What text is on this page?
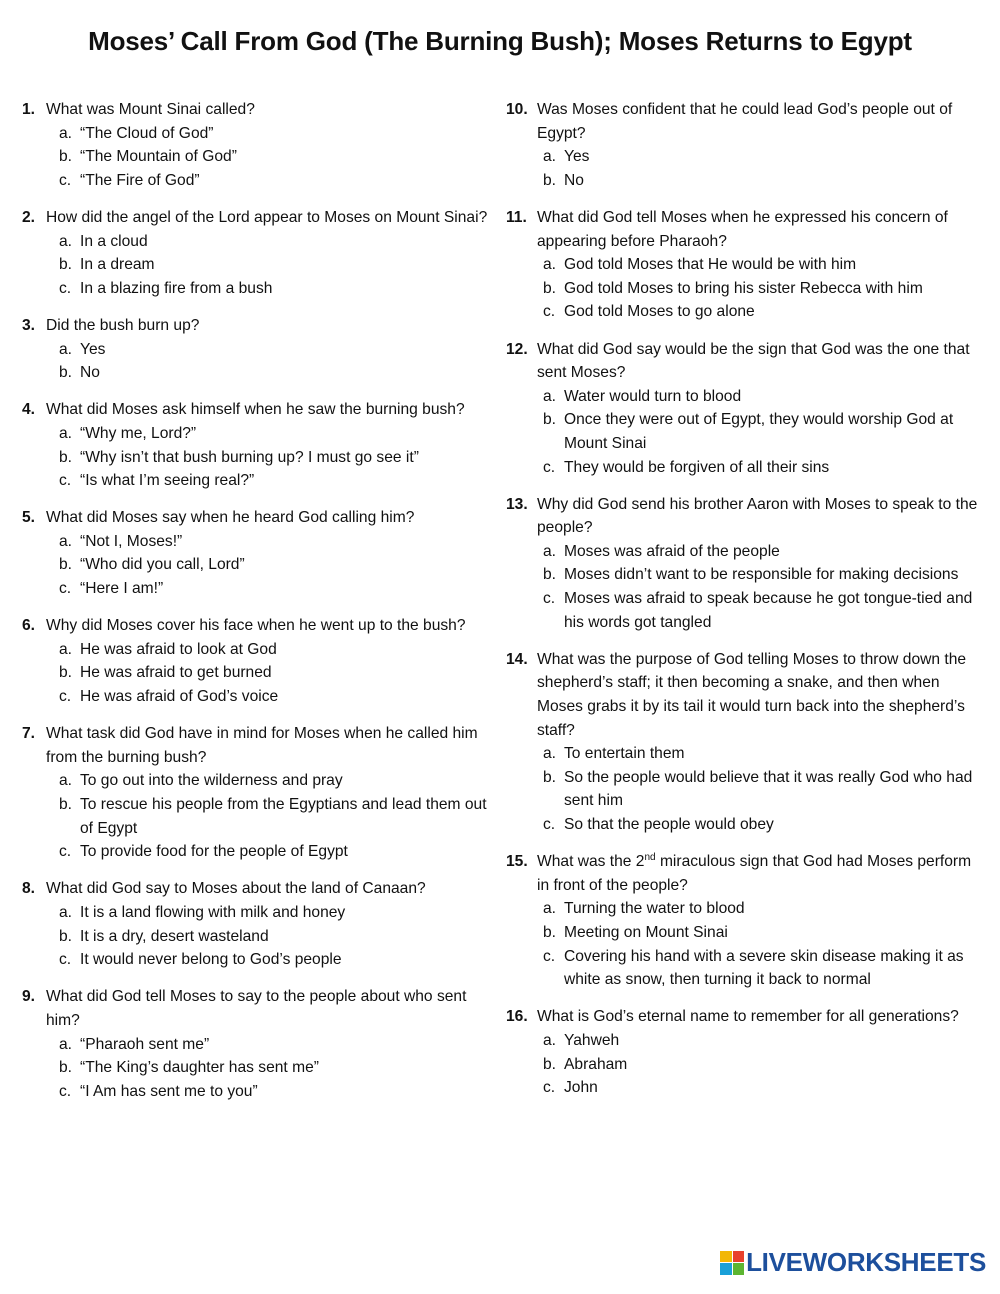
Moses’ Call From God (The Burning Bush); Moses Returns to Egypt
1. What was Mount Sinai called?
a. “The Cloud of God”
b. “The Mountain of God”
c. “The Fire of God”
2. How did the angel of the Lord appear to Moses on Mount Sinai?
a. In a cloud
b. In a dream
c. In a blazing fire from a bush
3. Did the bush burn up?
a. Yes
b. No
4. What did Moses ask himself when he saw the burning bush?
a. “Why me, Lord?”
b. “Why isn’t that bush burning up? I must go see it”
c. “Is what I’m seeing real?”
5. What did Moses say when he heard God calling him?
a. “Not I, Moses!”
b. “Who did you call, Lord”
c. “Here I am!”
6. Why did Moses cover his face when he went up to the bush?
a. He was afraid to look at God
b. He was afraid to get burned
c. He was afraid of God’s voice
7. What task did God have in mind for Moses when he called him from the burning bush?
a. To go out into the wilderness and pray
b. To rescue his people from the Egyptians and lead them out of Egypt
c. To provide food for the people of Egypt
8. What did God say to Moses about the land of Canaan?
a. It is a land flowing with milk and honey
b. It is a dry, desert wasteland
c. It would never belong to God’s people
9. What did God tell Moses to say to the people about who sent him?
a. “Pharaoh sent me”
b. “The King’s daughter has sent me”
c. “I Am has sent me to you”
10. Was Moses confident that he could lead God’s people out of Egypt?
a. Yes
b. No
11. What did God tell Moses when he expressed his concern of appearing before Pharaoh?
a. God told Moses that He would be with him
b. God told Moses to bring his sister Rebecca with him
c. God told Moses to go alone
12. What did God say would be the sign that God was the one that sent Moses?
a. Water would turn to blood
b. Once they were out of Egypt, they would worship God at Mount Sinai
c. They would be forgiven of all their sins
13. Why did God send his brother Aaron with Moses to speak to the people?
a. Moses was afraid of the people
b. Moses didn’t want to be responsible for making decisions
c. Moses was afraid to speak because he got tongue-tied and his words got tangled
14. What was the purpose of God telling Moses to throw down the shepherd’s staff; it then becoming a snake, and then when Moses grabs it by its tail it would turn back into the shepherd’s staff?
a. To entertain them
b. So the people would believe that it was really God who had sent him
c. So that the people would obey
15. What was the 2nd miraculous sign that God had Moses perform in front of the people?
a. Turning the water to blood
b. Meeting on Mount Sinai
c. Covering his hand with a severe skin disease making it as white as snow, then turning it back to normal
16. What is God’s eternal name to remember for all generations?
a. Yahweh
b. Abraham
c. John
LIVEWORKSHEETS
